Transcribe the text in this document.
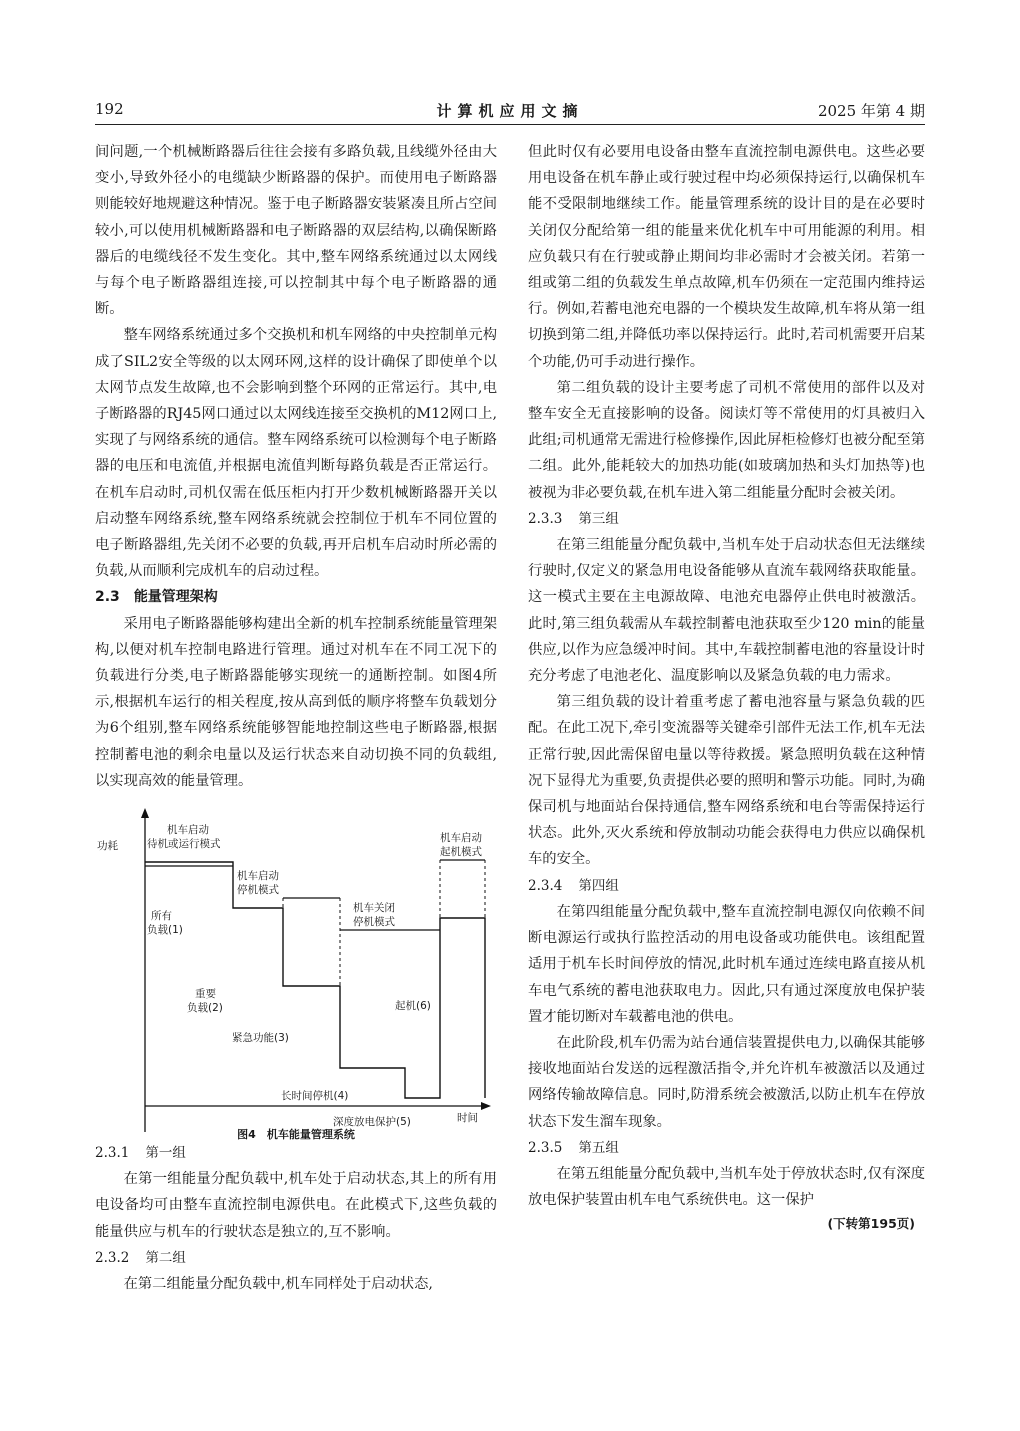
192	计算机应用文摘	2025 年第 4 期

间问题,一个机械断路器后往往会接有多路负载,且线缆外径由大变小,导致外径小的电缆缺少断路器的保护。而使用电子断路器则能较好地规避这种情况。鉴于电子断路器安装紧凑且所占空间较小,可以使用机械断路器和电子断路器的双层结构,以确保断路器后的电缆线径不发生变化。其中,整车网络系统通过以太网线与每个电子断路器组连接,可以控制其中每个电子断路器的通断。

整车网络系统通过多个交换机和机车网络的中央控制单元构成了SIL2安全等级的以太网环网,这样的设计确保了即使单个以太网节点发生故障,也不会影响到整个环网的正常运行。其中,电子断路器的RJ45网口通过以太网线连接至交换机的M12网口上,实现了与网络系统的通信。整车网络系统可以检测每个电子断路器的电压和电流值,并根据电流值判断每路负载是否正常运行。在机车启动时,司机仅需在低压柜内打开少数机械断路器开关以启动整车网络系统,整车网络系统就会控制位于机车不同位置的电子断路器组,先关闭不必要的负载,再开启机车启动时所必需的负载,从而顺利完成机车的启动过程。

2.3 能量管理架构

采用电子断路器能够构建出全新的机车控制系统能量管理架构,以便对机车控制电路进行管理。通过对机车在不同工况下的负载进行分类,电子断路器能够实现统一的通断控制。如图4所示,根据机车运行的相关程度,按从高到低的顺序将整车负载划分为6个组别,整车网络系统能够智能地控制这些电子断路器,根据控制蓄电池的剩余电量以及运行状态来自动切换不同的负载组,以实现高效的能量管理。

功耗
时间
机车启动
待机或运行模式
机车启动
停机模式
机车关闭
停机模式
机车启动
起机模式
所有
负载(1)
重要
负载(2)
紧急功能(3)
长时间停机(4)
深度放电保护(5)
起机(6)
图4　机车能量管理系统
2.3.1 第一组

在第一组能量分配负载中,机车处于启动状态,其上的所有用电设备均可由整车直流控制电源供电。在此模式下,这些负载的能量供应与机车的行驶状态是独立的,互不影响。

2.3.2 第二组

在第二组能量分配负载中,机车同样处于启动状态,

但此时仅有必要用电设备由整车直流控制电源供电。这些必要用电设备在机车静止或行驶过程中均必须保持运行,以确保机车能不受限制地继续工作。能量管理系统的设计目的是在必要时关闭仅分配给第一组的能量来优化机车中可用能源的利用。相应负载只有在行驶或静止期间均非必需时才会被关闭。若第一组或第二组的负载发生单点故障,机车仍须在一定范围内维持运行。例如,若蓄电池充电器的一个模块发生故障,机车将从第一组切换到第二组,并降低功率以保持运行。此时,若司机需要开启某个功能,仍可手动进行操作。

第二组负载的设计主要考虑了司机不常使用的部件以及对整车安全无直接影响的设备。阅读灯等不常使用的灯具被归入此组;司机通常无需进行检修操作,因此屏柜检修灯也被分配至第二组。此外,能耗较大的加热功能(如玻璃加热和头灯加热等)也被视为非必要负载,在机车进入第二组能量分配时会被关闭。

2.3.3 第三组

在第三组能量分配负载中,当机车处于启动状态但无法继续行驶时,仅定义的紧急用电设备能够从直流车载网络获取能量。这一模式主要在主电源故障、电池充电器停止供电时被激活。此时,第三组负载需从车载控制蓄电池获取至少120 min的能量供应,以作为应急缓冲时间。其中,车载控制蓄电池的容量设计时充分考虑了电池老化、温度影响以及紧急负载的电力需求。

第三组负载的设计着重考虑了蓄电池容量与紧急负载的匹配。在此工况下,牵引变流器等关键牵引部件无法工作,机车无法正常行驶,因此需保留电量以等待救援。紧急照明负载在这种情况下显得尤为重要,负责提供必要的照明和警示功能。同时,为确保司机与地面站台保持通信,整车网络系统和电台等需保持运行状态。此外,灭火系统和停放制动功能会获得电力供应以确保机车的安全。

2.3.4 第四组

在第四组能量分配负载中,整车直流控制电源仅向依赖不间断电源运行或执行监控活动的用电设备或功能供电。该组配置适用于机车长时间停放的情况,此时机车通过连续电路直接从机车电气系统的蓄电池获取电力。因此,只有通过深度放电保护装置才能切断对车载蓄电池的供电。

在此阶段,机车仍需为站台通信装置提供电力,以确保其能够接收地面站台发送的远程激活指令,并允许机车被激活以及通过网络传输故障信息。同时,防滑系统会被激活,以防止机车在停放状态下发生溜车现象。

2.3.5 第五组

在第五组能量分配负载中,当机车处于停放状态时,仅有深度放电保护装置由机车电气系统供电。这一保护

(下转第195页)
